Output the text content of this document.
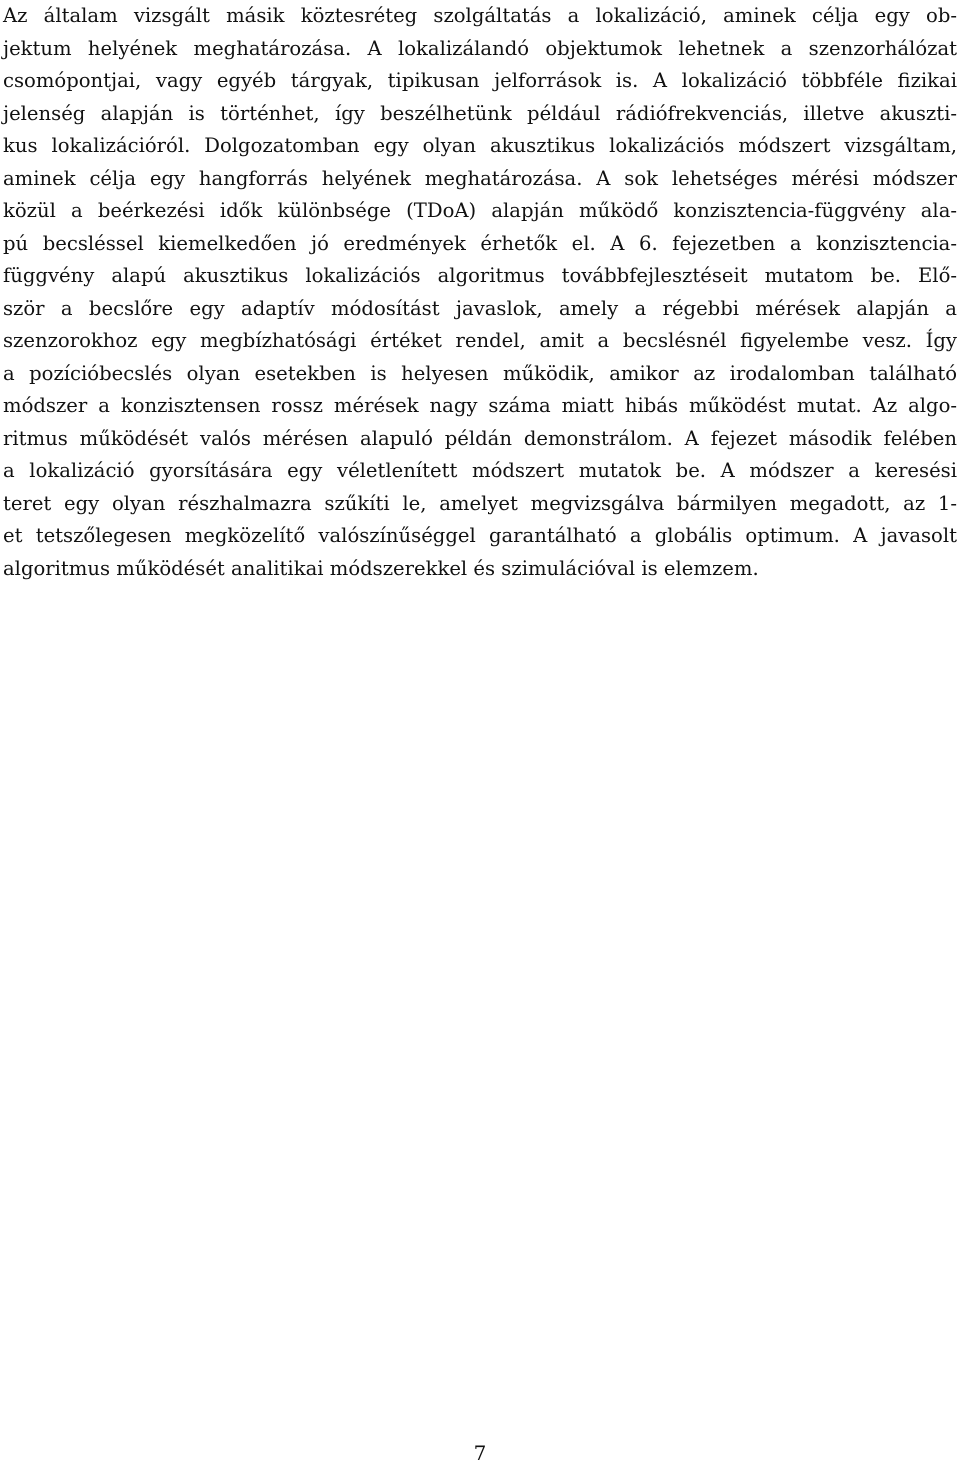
Az általam vizsgált másik köztesréteg szolgáltatás a lokalizáció, aminek célja egy ob-
jektum helyének meghatározása. A lokalizálandó objektumok lehetnek a szenzorhálózat
csomópontjai, vagy egyéb tárgyak, tipikusan jelforrások is. A lokalizáció többféle fizikai
jelenség alapján is történhet, így beszélhetünk például rádiófrekvenciás, illetve akuszti-
kus lokalizációról. Dolgozatomban egy olyan akusztikus lokalizációs módszert vizsgáltam,
aminek célja egy hangforrás helyének meghatározása. A sok lehetséges mérési módszer
közül a beérkezési idők különbsége (TDoA) alapján működő konzisztencia-függvény ala-
pú becsléssel kiemelkedően jó eredmények érhetők el. A 6. fejezetben a konzisztencia-
függvény alapú akusztikus lokalizációs algoritmus továbbfejlesztéseit mutatom be. Elő-
ször a becslőre egy adaptív módosítást javaslok, amely a régebbi mérések alapján a
szenzorokhoz egy megbízhatósági értéket rendel, amit a becslésnél figyelembe vesz. Így
a pozícióbecslés olyan esetekben is helyesen működik, amikor az irodalomban található
módszer a konzisztensen rossz mérések nagy száma miatt hibás működést mutat. Az algo-
ritmus működését valós mérésen alapuló példán demonstrálom. A fejezet második felében
a lokalizáció gyorsítására egy véletlenített módszert mutatok be. A módszer a keresési
teret egy olyan részhalmazra szűkíti le, amelyet megvizsgálva bármilyen megadott, az 1-
et tetszőlegesen megközelítő valószínűséggel garantálható a globális optimum. A javasolt
algoritmus működését analitikai módszerekkel és szimulációval is elemzem.
7
